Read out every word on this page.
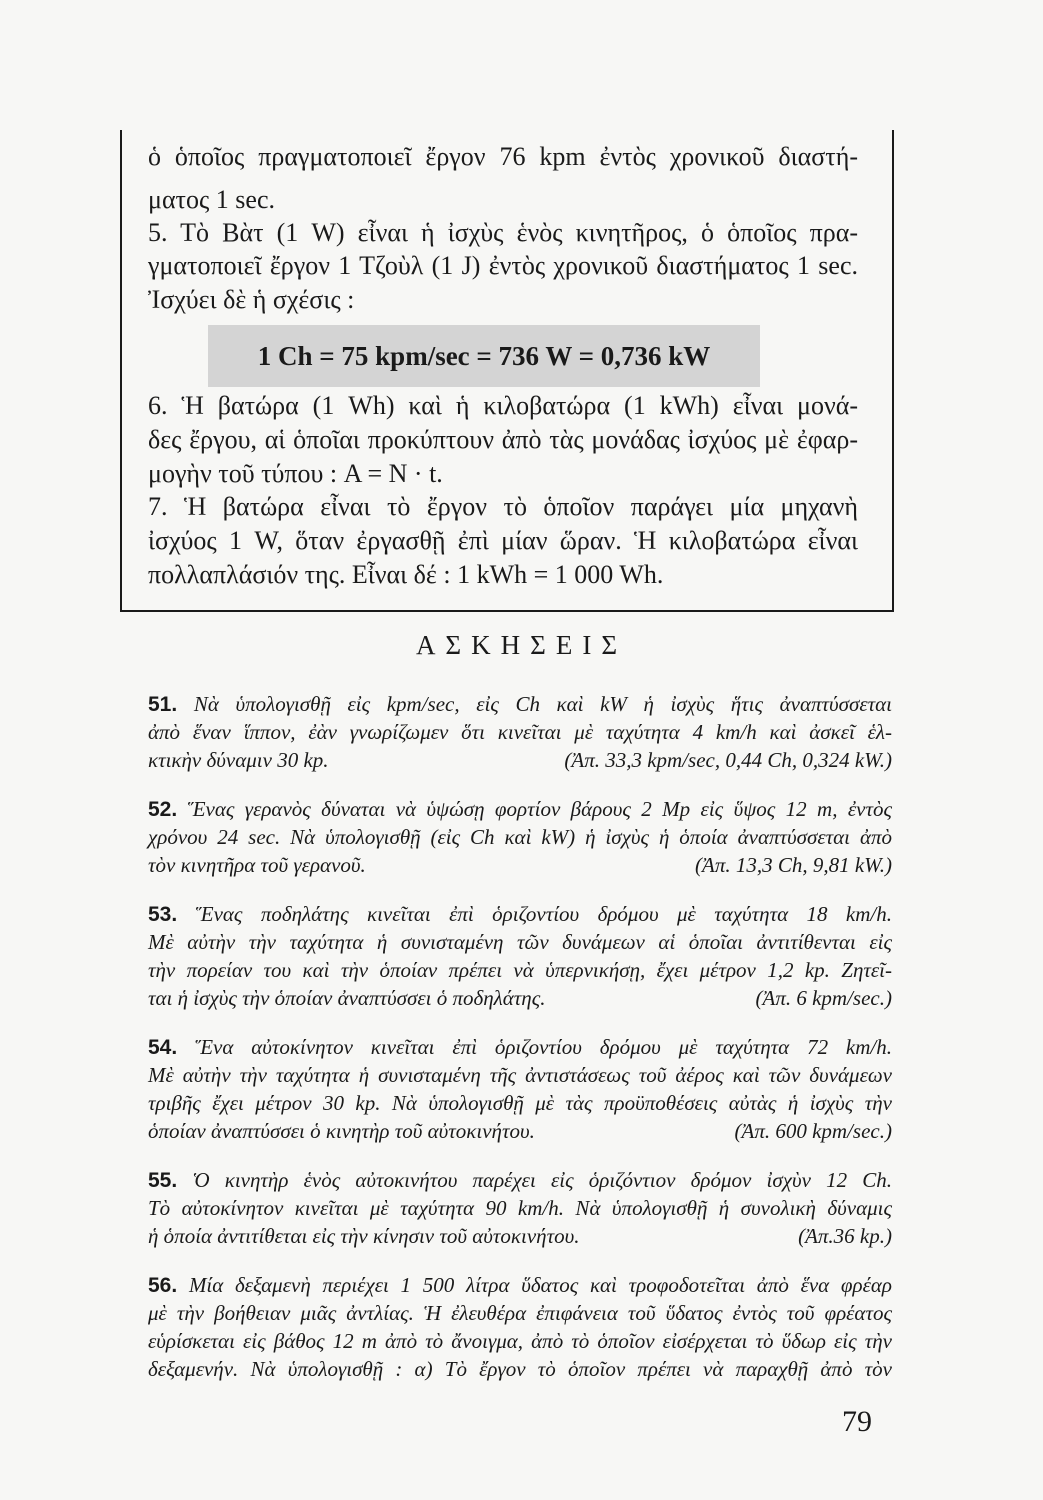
ὁ ὁποῖος πραγματοποιεῖ ἔργον 76 kpm ἐντὸς χρονικοῦ διαστή-
ματος 1 sec.
5. Τὸ Βὰτ (1 W) εἶναι ἡ ἰσχὺς ἑνὸς κινητῆρος, ὁ ὁποῖος πρα-
γματοποιεῖ ἔργον 1 Τζοὺλ (1 J) ἐντὸς χρονικοῦ διαστήματος 1 sec.
Ἰσχύει δὲ ἡ σχέσις :
1 Ch = 75 kpm/sec = 736 W = 0,736 kW
6. Ἡ βατώρα (1 Wh) καὶ ἡ κιλοβατώρα (1 kWh) εἶναι μονά-
δες ἔργου, αἱ ὁποῖαι προκύπτουν ἀπὸ τὰς μονάδας ἰσχύος μὲ ἐφαρ-
μογὴν τοῦ τύπου : A = N · t.
7. Ἡ βατώρα εἶναι τὸ ἔργον τὸ ὁποῖον παράγει μία μηχανὴ
ἰσχύος 1 W, ὅταν ἐργασθῇ ἐπὶ μίαν ὥραν. Ἡ κιλοβατώρα εἶναι
πολλαπλάσιόν της. Εἶναι δέ : 1 kWh = 1 000 Wh.
ΑΣΚΗΣΕΙΣ
51. Νὰ ὑπολογισθῇ εἰς kpm/sec, εἰς Ch καὶ kW ἡ ἰσχὺς ἥτις ἀναπτύσσεται
ἀπὸ ἕναν ἵππον, ἐὰν γνωρίζωμεν ὅτι κινεῖται μὲ ταχύτητα 4 km/h καὶ ἀσκεῖ ἑλ-
κτικὴν δύναμιν 30 kp.	(Ἀπ. 33,3 kpm/sec, 0,44 Ch, 0,324 kW.)
52. Ἕνας γερανὸς δύναται νὰ ὑψώσῃ φορτίον βάρους 2 Mp εἰς ὕψος 12 m, ἐντὸς
χρόνου 24 sec. Νὰ ὑπολογισθῇ (εἰς Ch καὶ kW) ἡ ἰσχὺς ἡ ὁποία ἀναπτύσσεται ἀπὸ
τὸν κινητῆρα τοῦ γερανοῦ.	(Ἀπ. 13,3 Ch, 9,81 kW.)
53. Ἕνας ποδηλάτης κινεῖται ἐπὶ ὁριζοντίου δρόμου μὲ ταχύτητα 18 km/h.
Μὲ αὐτὴν τὴν ταχύτητα ἡ συνισταμένη τῶν δυνάμεων αἱ ὁποῖαι ἀντιτίθενται εἰς
τὴν πορείαν του καὶ τὴν ὁποίαν πρέπει νὰ ὑπερνικήσῃ, ἔχει μέτρον 1,2 kp. Ζητεῖ-
ται ἡ ἰσχὺς τὴν ὁποίαν ἀναπτύσσει ὁ ποδηλάτης.	(Ἀπ. 6 kpm/sec.)
54. Ἕνα αὐτοκίνητον κινεῖται ἐπὶ ὁριζοντίου δρόμου μὲ ταχύτητα 72 km/h.
Μὲ αὐτὴν τὴν ταχύτητα ἡ συνισταμένη τῆς ἀντιστάσεως τοῦ ἀέρος καὶ τῶν δυνάμεων
τριβῆς ἔχει μέτρον 30 kp. Νὰ ὑπολογισθῇ μὲ τὰς προϋποθέσεις αὐτὰς ἡ ἰσχὺς τὴν
ὁποίαν ἀναπτύσσει ὁ κινητὴρ τοῦ αὐτοκινήτου.	(Ἀπ. 600 kpm/sec.)
55. Ὁ κινητὴρ ἑνὸς αὐτοκινήτου παρέχει εἰς ὁριζόντιον δρόμον ἰσχὺν 12 Ch.
Τὸ αὐτοκίνητον κινεῖται μὲ ταχύτητα 90 km/h. Νὰ ὑπολογισθῇ ἡ συνολικὴ δύναμις
ἡ ὁποία ἀντιτίθεται εἰς τὴν κίνησιν τοῦ αὐτοκινήτου.	(Ἀπ.36 kp.)
56. Μία δεξαμενὴ περιέχει 1 500 λίτρα ὕδατος καὶ τροφοδοτεῖται ἀπὸ ἕνα φρέαρ
μὲ τὴν βοήθειαν μιᾶς ἀντλίας. Ἡ ἐλευθέρα ἐπιφάνεια τοῦ ὕδατος ἐντὸς τοῦ φρέατος
εὑρίσκεται εἰς βάθος 12 m ἀπὸ τὸ ἄνοιγμα, ἀπὸ τὸ ὁποῖον εἰσέρχεται τὸ ὕδωρ εἰς τὴν
δεξαμενήν. Νὰ ὑπολογισθῇ : α) Τὸ ἔργον τὸ ὁποῖον πρέπει νὰ παραχθῇ ἀπὸ τὸν
79
